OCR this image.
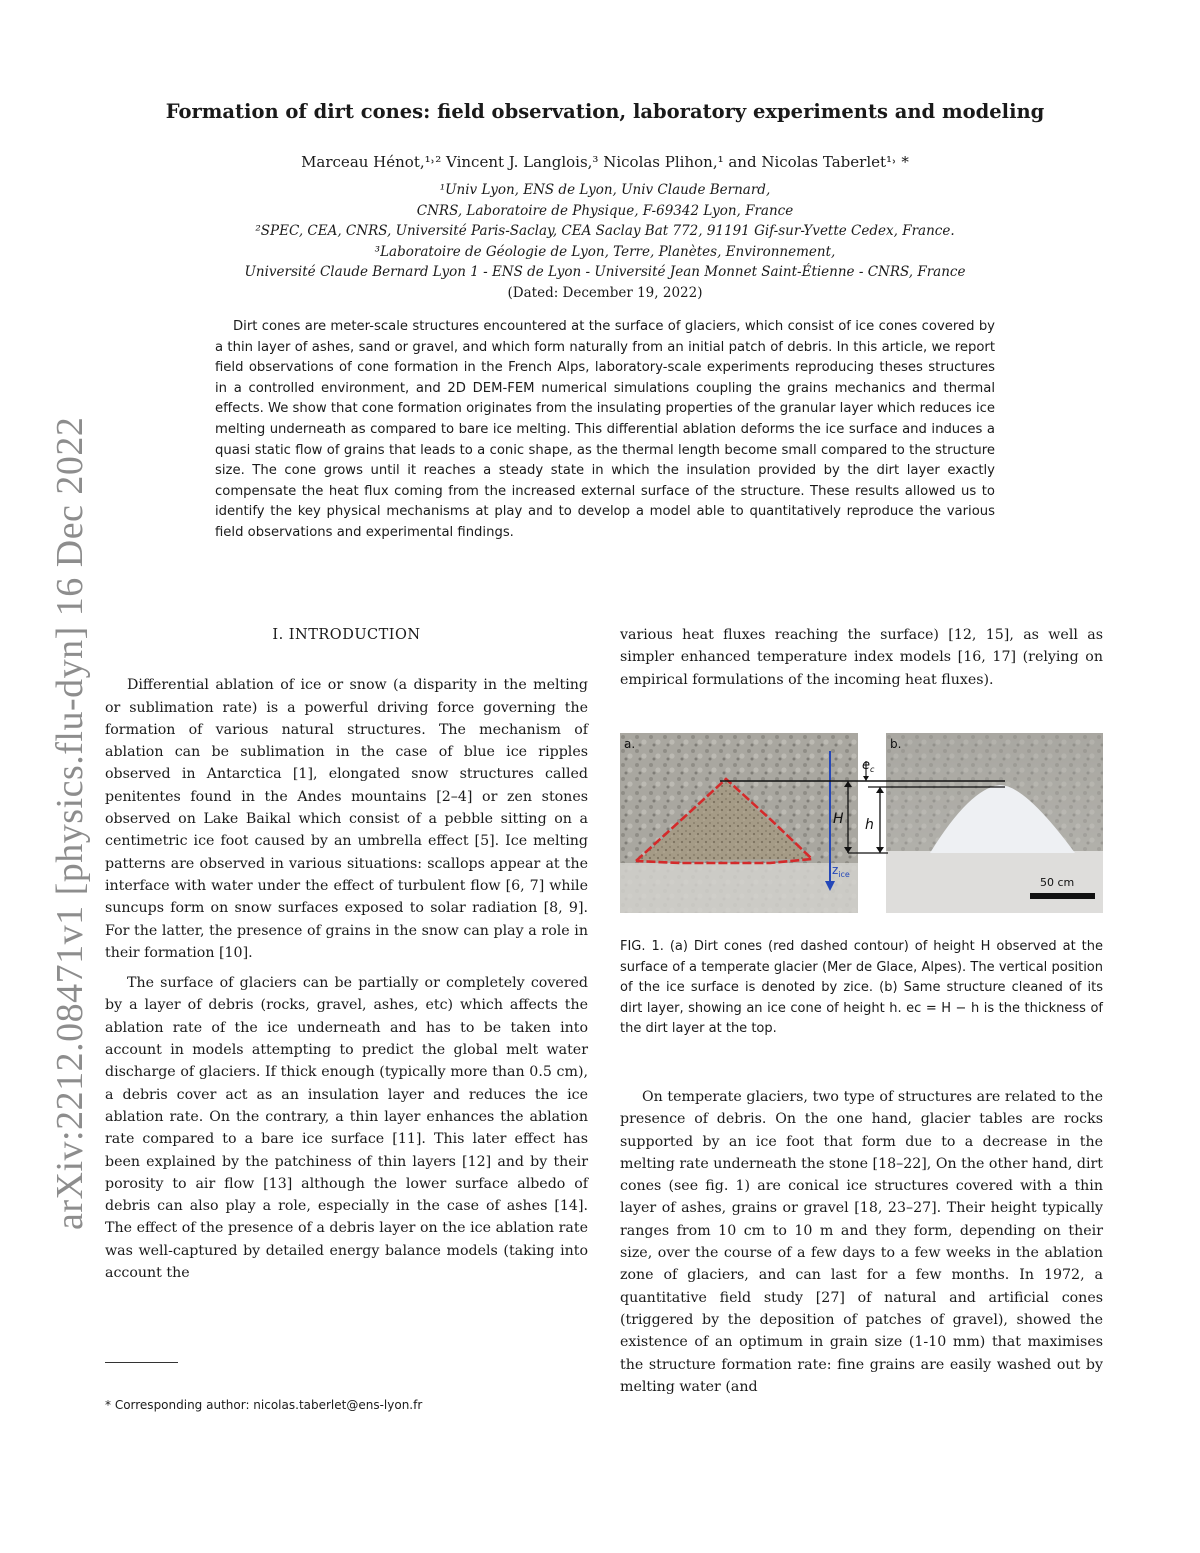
arXiv:2212.08471v1 [physics.flu-dyn] 16 Dec 2022
Formation of dirt cones: field observation, laboratory experiments and modeling

Marceau Hénot,¹˒² Vincent J. Langlois,³ Nicolas Plihon,¹ and Nicolas Taberlet¹˒ *

¹Univ Lyon, ENS de Lyon, Univ Claude Bernard,
CNRS, Laboratoire de Physique, F-69342 Lyon, France
²SPEC, CEA, CNRS, Université Paris-Saclay, CEA Saclay Bat 772, 91191 Gif-sur-Yvette Cedex, France.
³Laboratoire de Géologie de Lyon, Terre, Planètes, Environnement,
Université Claude Bernard Lyon 1 - ENS de Lyon - Université Jean Monnet Saint-Étienne - CNRS, France
(Dated: December 19, 2022)

Dirt cones are meter-scale structures encountered at the surface of glaciers, which consist of ice cones covered by a thin layer of ashes, sand or gravel, and which form naturally from an initial patch of debris. In this article, we report field observations of cone formation in the French Alps, laboratory-scale experiments reproducing theses structures in a controlled environment, and 2D DEM-FEM numerical simulations coupling the grains mechanics and thermal effects. We show that cone formation originates from the insulating properties of the granular layer which reduces ice melting underneath as compared to bare ice melting. This differential ablation deforms the ice surface and induces a quasi static flow of grains that leads to a conic shape, as the thermal length become small compared to the structure size. The cone grows until it reaches a steady state in which the insulation provided by the dirt layer exactly compensate the heat flux coming from the increased external surface of the structure. These results allowed us to identify the key physical mechanisms at play and to develop a model able to quantitatively reproduce the various field observations and experimental findings.

I. INTRODUCTION

Differential ablation of ice or snow (a disparity in the melting or sublimation rate) is a powerful driving force governing the formation of various natural structures. The mechanism of ablation can be sublimation in the case of blue ice ripples observed in Antarctica [1], elongated snow structures called penitentes found in the Andes mountains [2–4] or zen stones observed on Lake Baikal which consist of a pebble sitting on a centimetric ice foot caused by an umbrella effect [5]. Ice melting patterns are observed in various situations: scallops appear at the interface with water under the effect of turbulent flow [6, 7] while suncups form on snow surfaces exposed to solar radiation [8, 9]. For the latter, the presence of grains in the snow can play a role in their formation [10].

The surface of glaciers can be partially or completely covered by a layer of debris (rocks, gravel, ashes, etc) which affects the ablation rate of the ice underneath and has to be taken into account in models attempting to predict the global melt water discharge of glaciers. If thick enough (typically more than 0.5 cm), a debris cover act as an insulation layer and reduces the ice ablation rate. On the contrary, a thin layer enhances the ablation rate compared to a bare ice surface [11]. This later effect has been explained by the patchiness of thin layers [12] and by their porosity to air flow [13] although the lower surface albedo of debris can also play a role, especially in the case of ashes [14]. The effect of the presence of a debris layer on the ice ablation rate was well-captured by detailed energy balance models (taking into account the

* Corresponding author: nicolas.taberlet@ens-lyon.fr

various heat fluxes reaching the surface) [12, 15], as well as simpler enhanced temperature index models [16, 17] (relying on empirical formulations of the incoming heat fluxes).

$z_{ice}$
H h
$e_c$
a.	b.
50 cm

FIG. 1. (a) Dirt cones (red dashed contour) of height H observed at the surface of a temperate glacier (Mer de Glace, Alpes). The vertical position of the ice surface is denoted by zice. (b) Same structure cleaned of its dirt layer, showing an ice cone of height h. ec = H − h is the thickness of the dirt layer at the top.

On temperate glaciers, two type of structures are related to the presence of debris. On the one hand, glacier tables are rocks supported by an ice foot that form due to a decrease in the melting rate underneath the stone [18–22], On the other hand, dirt cones (see fig. 1) are conical ice structures covered with a thin layer of ashes, grains or gravel [18, 23–27]. Their height typically ranges from 10 cm to 10 m and they form, depending on their size, over the course of a few days to a few weeks in the ablation zone of glaciers, and can last for a few months. In 1972, a quantitative field study [27] of natural and artificial cones (triggered by the deposition of patches of gravel), showed the existence of an optimum in grain size (1-10 mm) that maximises the structure formation rate: fine grains are easily washed out by melting water (and
